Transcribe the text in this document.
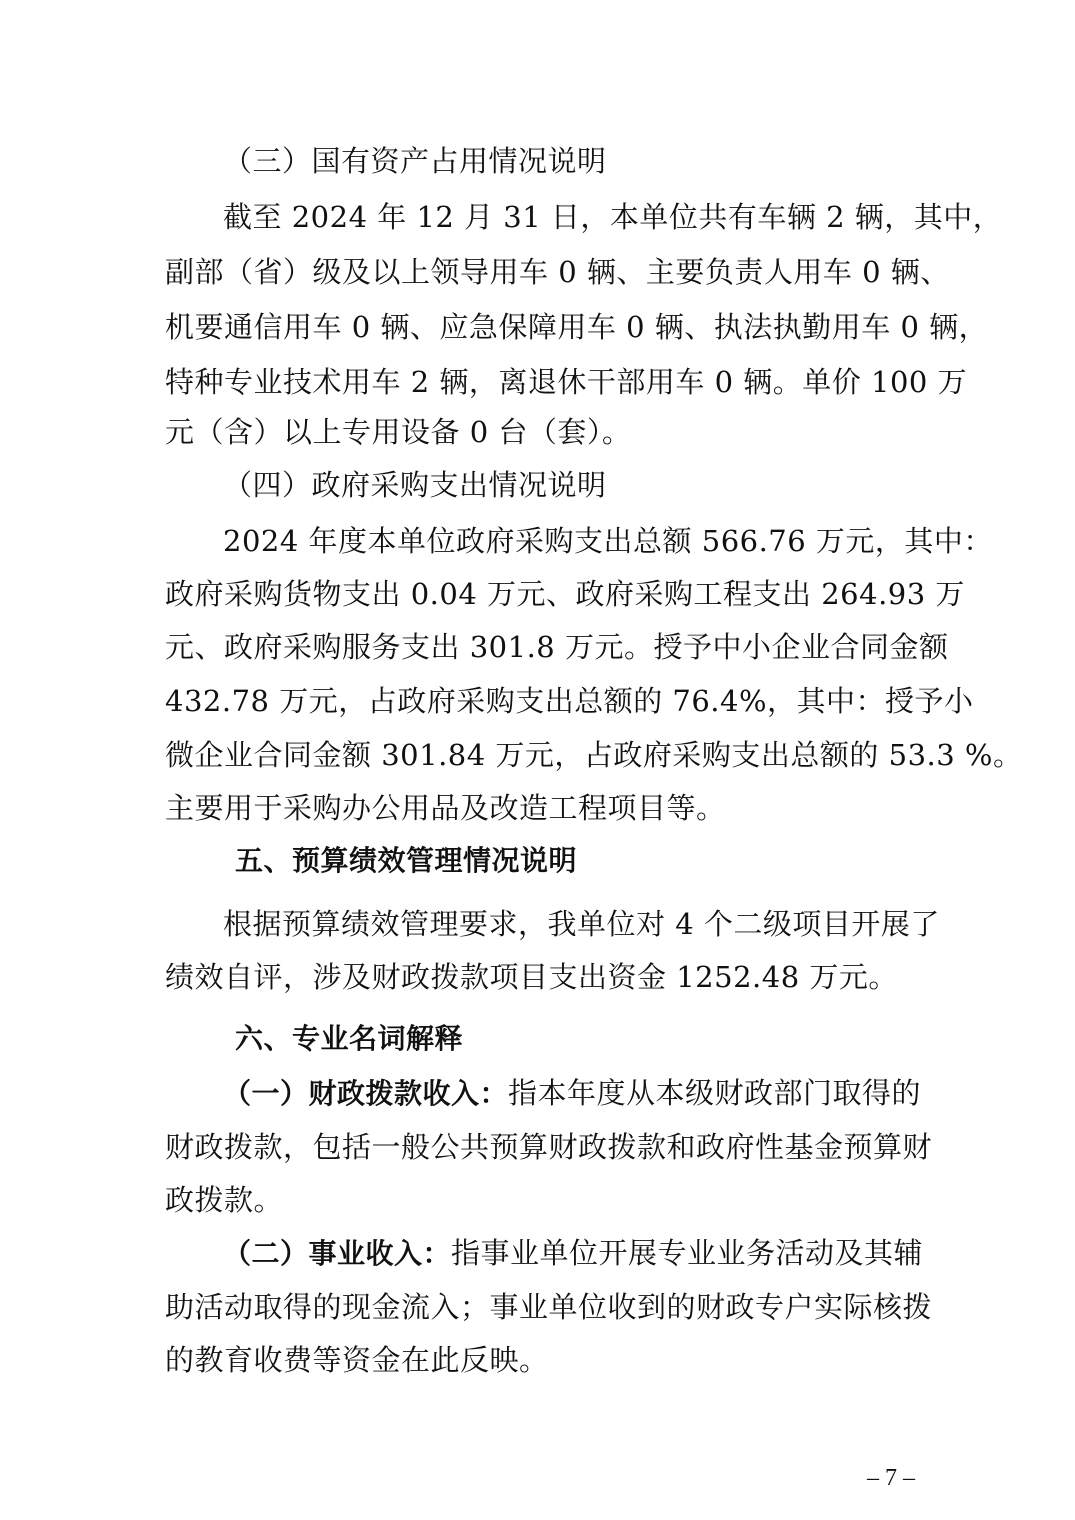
（三）国有资产占用情况说明
截至 2024 年 12 月 31 日，本单位共有车辆 2 辆，其中，
副部（省）级及以上领导用车 0 辆、主要负责人用车 0 辆、
机要通信用车 0 辆、应急保障用车 0 辆、执法执勤用车 0 辆，
特种专业技术用车 2 辆，离退休干部用车 0 辆。单价 100 万
元（含）以上专用设备 0 台（套）。
（四）政府采购支出情况说明
2024 年度本单位政府采购支出总额 566.76 万元，其中：
政府采购货物支出 0.04 万元、政府采购工程支出 264.93 万
元、政府采购服务支出 301.8 万元。授予中小企业合同金额
432.78 万元，占政府采购支出总额的 76.4%，其中：授予小
微企业合同金额 301.84 万元，占政府采购支出总额的 53.3 %。
主要用于采购办公用品及改造工程项目等。
五、预算绩效管理情况说明
根据预算绩效管理要求，我单位对 4 个二级项目开展了
绩效自评，涉及财政拨款项目支出资金 1252.48 万元。
六、专业名词解释
（一）财政拨款收入：指本年度从本级财政部门取得的
财政拨款，包括一般公共预算财政拨款和政府性基金预算财
政拨款。
（二）事业收入：指事业单位开展专业业务活动及其辅
助活动取得的现金流入；事业单位收到的财政专户实际核拨
的教育收费等资金在此反映。
– 7 –
